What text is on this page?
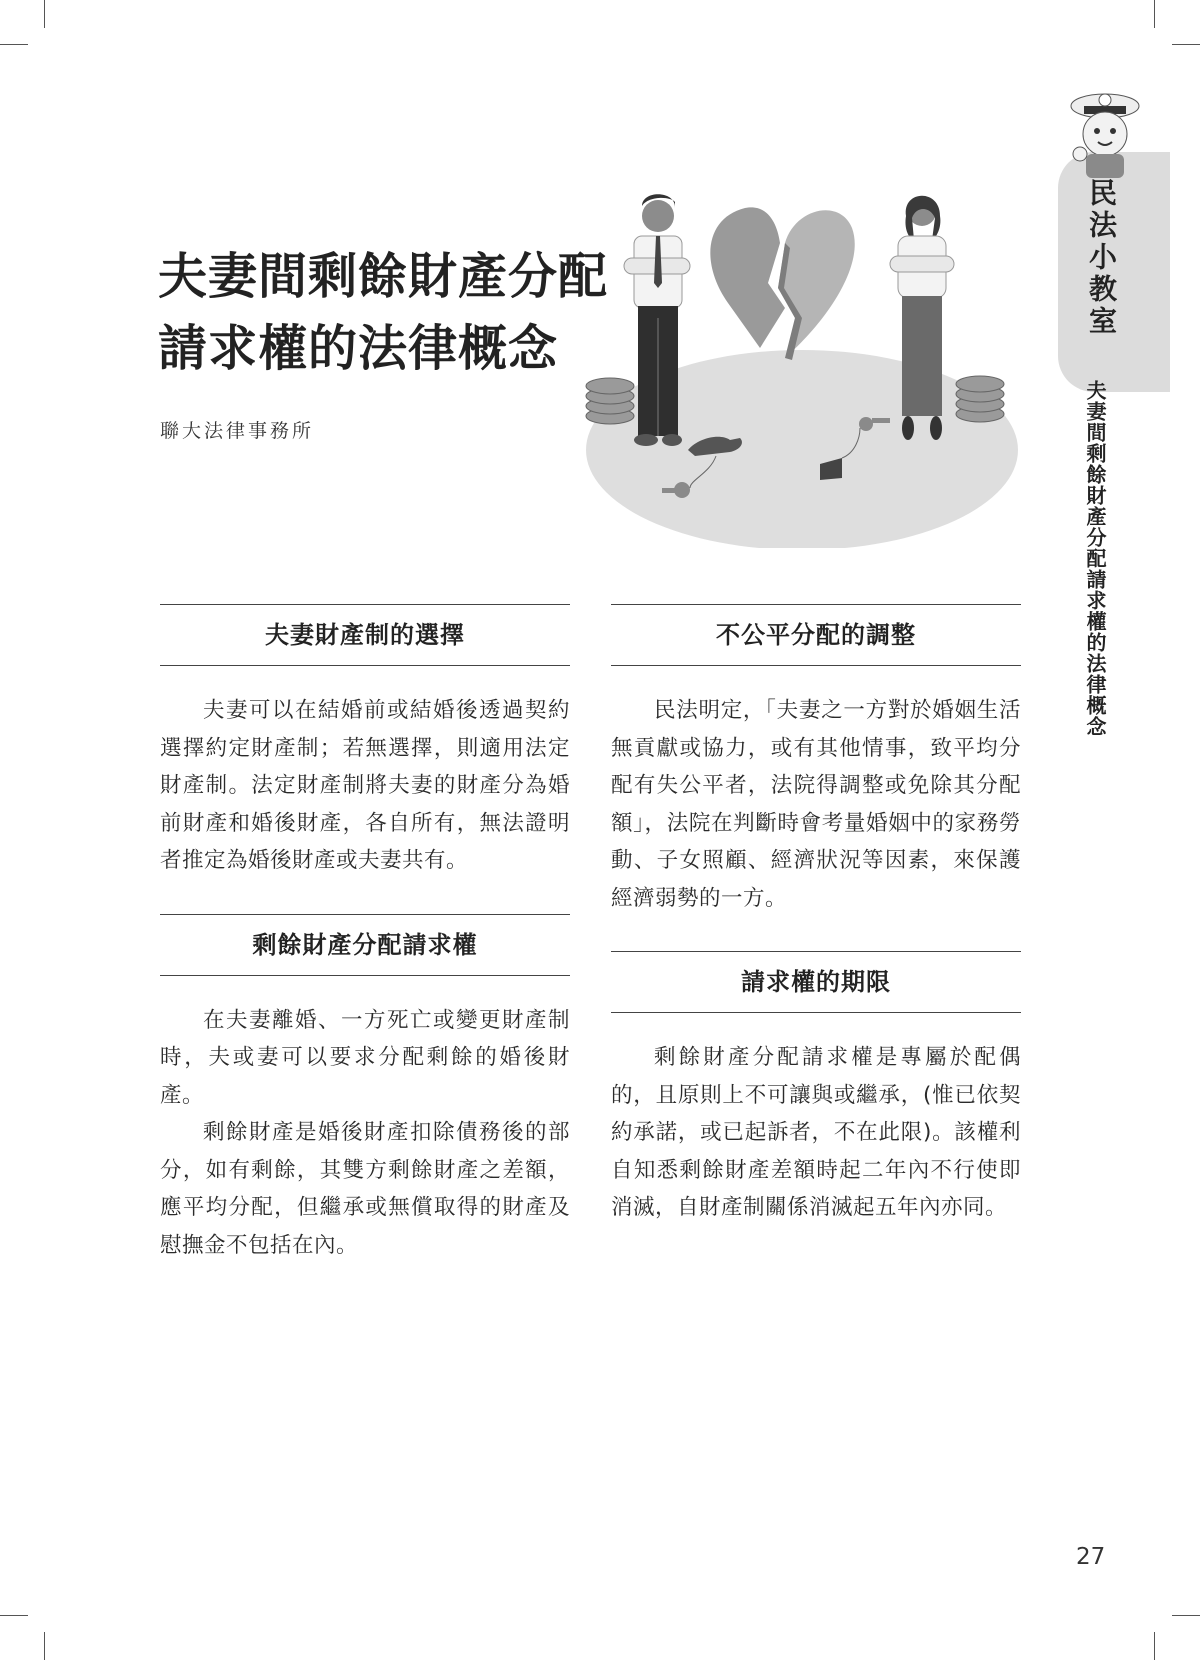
夫妻間剩餘財產分配
請求權的法律概念
聯大法律事務所
夫妻財產制的選擇

夫妻可以在結婚前或結婚後透過契約選擇約定財產制；若無選擇，則適用法定財產制。法定財產制將夫妻的財產分為婚前財產和婚後財產，各自所有，無法證明者推定為婚後財產或夫妻共有。

剩餘財產分配請求權

在夫妻離婚、一方死亡或變更財產制時，夫或妻可以要求分配剩餘的婚後財產。

剩餘財產是婚後財產扣除債務後的部分，如有剩餘，其雙方剩餘財產之差額，應平均分配，但繼承或無償取得的財產及慰撫金不包括在內。

不公平分配的調整

民法明定，「夫妻之一方對於婚姻生活無貢獻或協力，或有其他情事，致平均分配有失公平者，法院得調整或免除其分配額」，法院在判斷時會考量婚姻中的家務勞動、子女照顧、經濟狀況等因素，來保護經濟弱勢的一方。

請求權的期限

剩餘財產分配請求權是專屬於配偶的，且原則上不可讓與或繼承，(惟已依契約承諾，或已起訴者，不在此限)。該權利自知悉剩餘財產差額時起二年內不行使即消滅，自財產制關係消滅起五年內亦同。

民法小教室
夫妻間剩餘財產分配請求權的法律概念
27
